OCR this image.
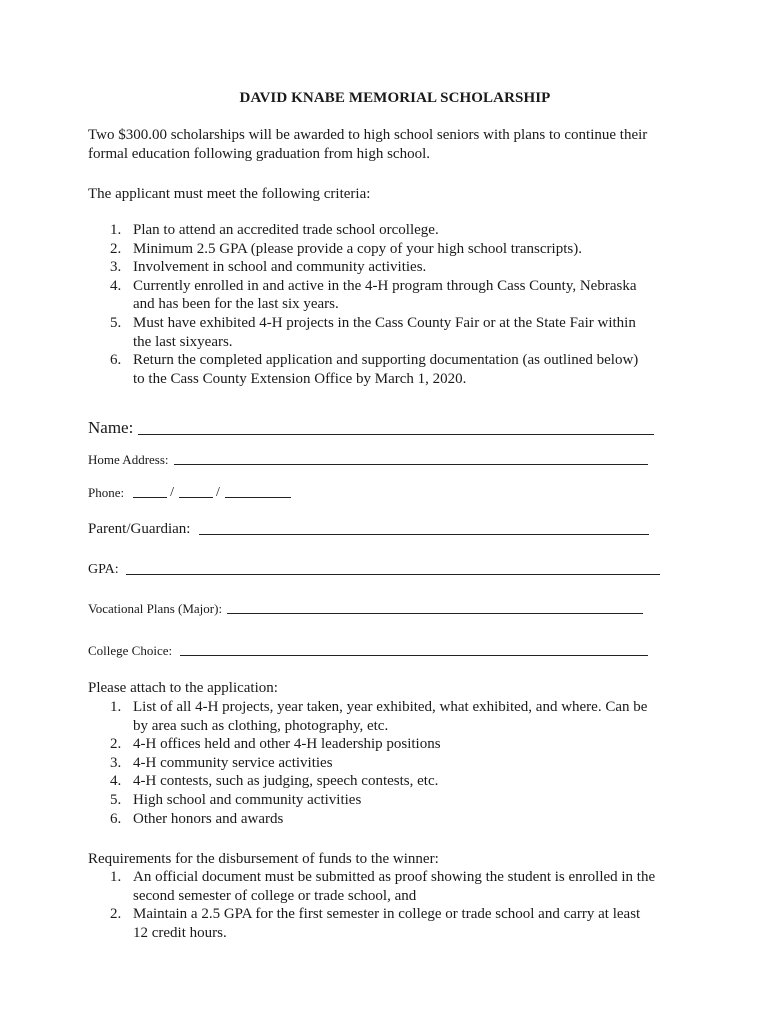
DAVID KNABE MEMORIAL SCHOLARSHIP
Two $300.00 scholarships will be awarded to high school seniors with plans to continue their formal education following graduation from high school.
The applicant must meet the following criteria:
1. Plan to attend an accredited trade school orcollege.
2. Minimum 2.5 GPA (please provide a copy of your high school transcripts).
3. Involvement in school and community activities.
4. Currently enrolled in and active in the 4-H program through Cass County, Nebraska and has been for the last six years.
5. Must have exhibited 4-H projects in the Cass County Fair or at the State Fair within the last sixyears.
6. Return the completed application and supporting documentation (as outlined below) to the Cass County Extension Office by March 1, 2020.
Name:
Home Address:
Phone:	/	/
Parent/Guardian:
GPA:
Vocational Plans (Major):
College Choice:
Please attach to the application:
1. List of all 4-H projects, year taken, year exhibited, what exhibited, and where. Can be by area such as clothing, photography, etc.
2. 4-H offices held and other 4-H leadership positions
3. 4-H community service activities
4. 4-H contests, such as judging, speech contests, etc.
5. High school and community activities
6. Other honors and awards
Requirements for the disbursement of funds to the winner:
1. An official document must be submitted as proof showing the student is enrolled in the second semester of college or trade school, and
2. Maintain a 2.5 GPA for the first semester in college or trade school and carry at least 12 credit hours.
